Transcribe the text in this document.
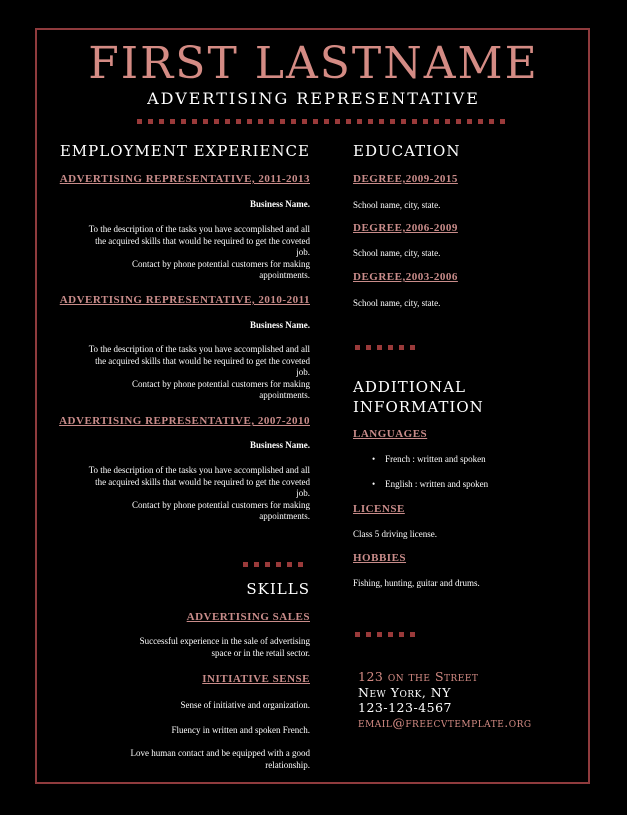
FIRST LASTNAME
ADVERTISING REPRESENTATIVE
EMPLOYMENT EXPERIENCE
ADVERTISING REPRESENTATIVE, 2011-2013
Business Name.
To the description of the tasks you have accomplished and all
the acquired skills that would be required to get the coveted
job.
Contact by phone potential customers for making
appointments.
ADVERTISING REPRESENTATIVE, 2010-2011
Business Name.
To the description of the tasks you have accomplished and all
the acquired skills that would be required to get the coveted
job.
Contact by phone potential customers for making
appointments.
ADVERTISING REPRESENTATIVE, 2007-2010
Business Name.
To the description of the tasks you have accomplished and all
the acquired skills that would be required to get the coveted
job.
Contact by phone potential customers for making
appointments.
SKILLS
ADVERTISING SALES
Successful experience in the sale of advertising
space or in the retail sector.
INITIATIVE SENSE
Sense of initiative and organization.
Fluency in written and spoken French.
Love human contact and be equipped with a good
relationship.
EDUCATION
DEGREE,2009-2015
School name, city, state.
DEGREE,2006-2009
School name, city, state.
DEGREE,2003-2006
School name, city, state.
ADDITIONAL
INFORMATION
LANGUAGES
• French : written and spoken
• English : written and spoken
LICENSE
Class 5 driving license.
HOBBIES
Fishing, hunting, guitar and drums.
123 on the Street
New York, NY
123-123-4567
email@freecvtemplate.org
